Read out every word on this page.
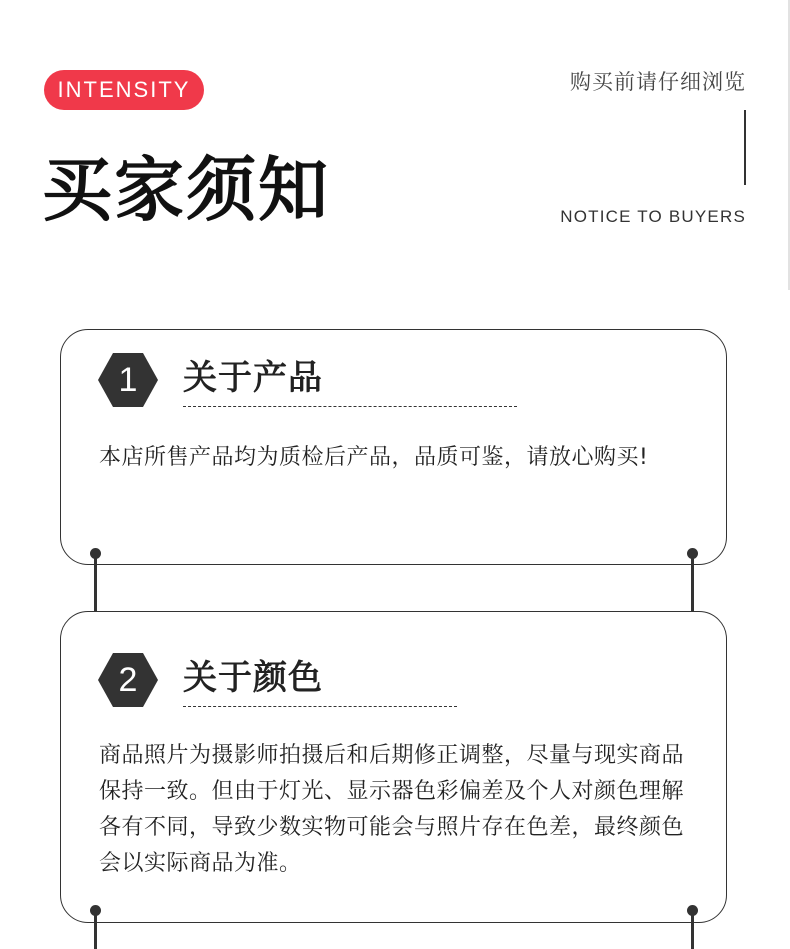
INTENSITY
买家须知
购买前请仔细浏览
NOTICE TO BUYERS
1	关于产品

本店所售产品均为质检后产品，品质可鉴，请放心购买!

2	关于颜色

商品照片为摄影师拍摄后和后期修正调整，尽量与现实商品保持一致。但由于灯光、显示器色彩偏差及个人对颜色理解各有不同，导致少数实物可能会与照片存在色差，最终颜色会以实际商品为准。
